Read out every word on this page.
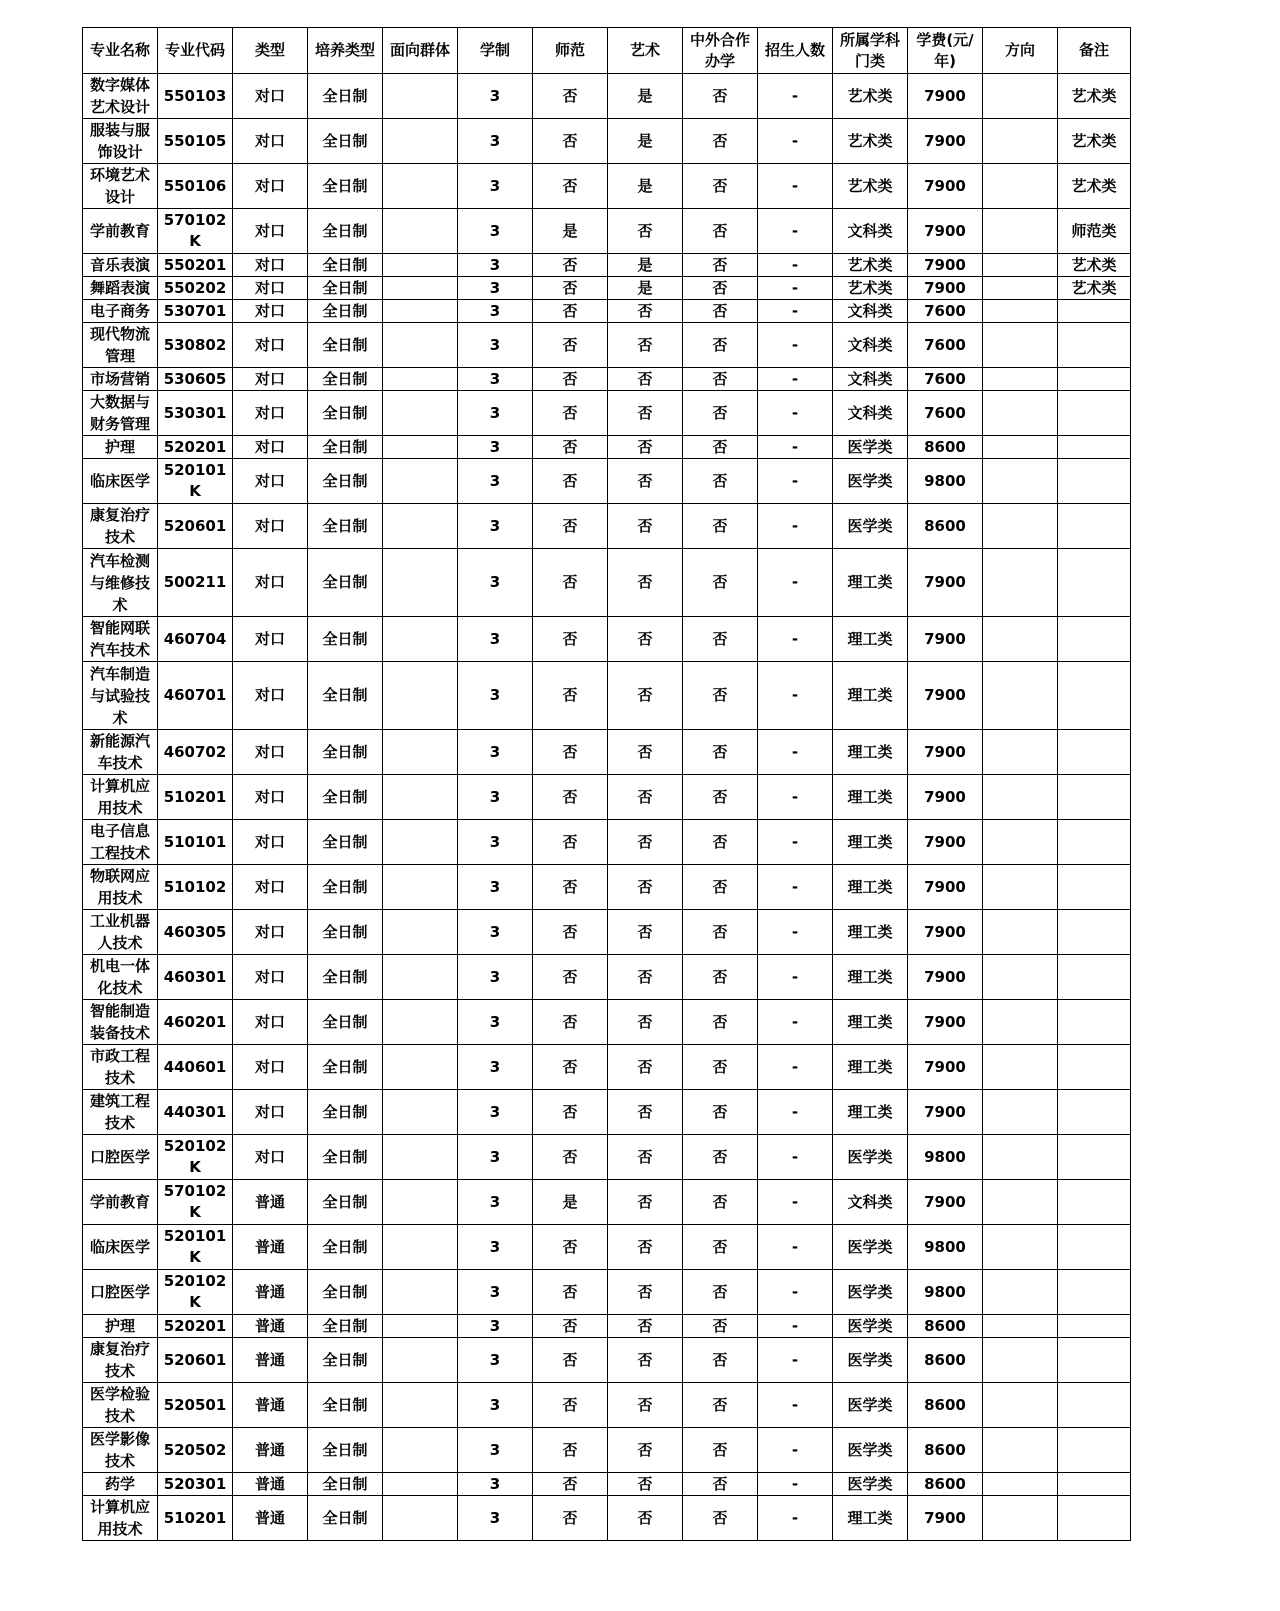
专业名称	专业代码	类型	培养类型	面向群体	学制	师范	艺术	中外合作办学	招生人数	所属学科门类	学费(元/年)	方向	备注
数字媒体艺术设计	550103	对口	全日制		3	否	是	否	-	艺术类	7900		艺术类
服装与服饰设计	550105	对口	全日制		3	否	是	否	-	艺术类	7900		艺术类
环境艺术设计	550106	对口	全日制		3	否	是	否	-	艺术类	7900		艺术类
学前教育	570102K	对口	全日制		3	是	否	否	-	文科类	7900		师范类
音乐表演	550201	对口	全日制		3	否	是	否	-	艺术类	7900		艺术类
舞蹈表演	550202	对口	全日制		3	否	是	否	-	艺术类	7900		艺术类
电子商务	530701	对口	全日制		3	否	否	否	-	文科类	7600		
现代物流管理	530802	对口	全日制		3	否	否	否	-	文科类	7600		
市场营销	530605	对口	全日制		3	否	否	否	-	文科类	7600		
大数据与财务管理	530301	对口	全日制		3	否	否	否	-	文科类	7600		
护理	520201	对口	全日制		3	否	否	否	-	医学类	8600		
临床医学	520101K	对口	全日制		3	否	否	否	-	医学类	9800		
康复治疗技术	520601	对口	全日制		3	否	否	否	-	医学类	8600		
汽车检测与维修技术	500211	对口	全日制		3	否	否	否	-	理工类	7900		
智能网联汽车技术	460704	对口	全日制		3	否	否	否	-	理工类	7900		
汽车制造与试验技术	460701	对口	全日制		3	否	否	否	-	理工类	7900		
新能源汽车技术	460702	对口	全日制		3	否	否	否	-	理工类	7900		
计算机应用技术	510201	对口	全日制		3	否	否	否	-	理工类	7900		
电子信息工程技术	510101	对口	全日制		3	否	否	否	-	理工类	7900		
物联网应用技术	510102	对口	全日制		3	否	否	否	-	理工类	7900		
工业机器人技术	460305	对口	全日制		3	否	否	否	-	理工类	7900		
机电一体化技术	460301	对口	全日制		3	否	否	否	-	理工类	7900		
智能制造装备技术	460201	对口	全日制		3	否	否	否	-	理工类	7900		
市政工程技术	440601	对口	全日制		3	否	否	否	-	理工类	7900		
建筑工程技术	440301	对口	全日制		3	否	否	否	-	理工类	7900		
口腔医学	520102K	对口	全日制		3	否	否	否	-	医学类	9800		
学前教育	570102K	普通	全日制		3	是	否	否	-	文科类	7900		
临床医学	520101K	普通	全日制		3	否	否	否	-	医学类	9800		
口腔医学	520102K	普通	全日制		3	否	否	否	-	医学类	9800		
护理	520201	普通	全日制		3	否	否	否	-	医学类	8600		
康复治疗技术	520601	普通	全日制		3	否	否	否	-	医学类	8600		
医学检验技术	520501	普通	全日制		3	否	否	否	-	医学类	8600		
医学影像技术	520502	普通	全日制		3	否	否	否	-	医学类	8600		
药学	520301	普通	全日制		3	否	否	否	-	医学类	8600		
计算机应用技术	510201	普通	全日制		3	否	否	否	-	理工类	7900		
